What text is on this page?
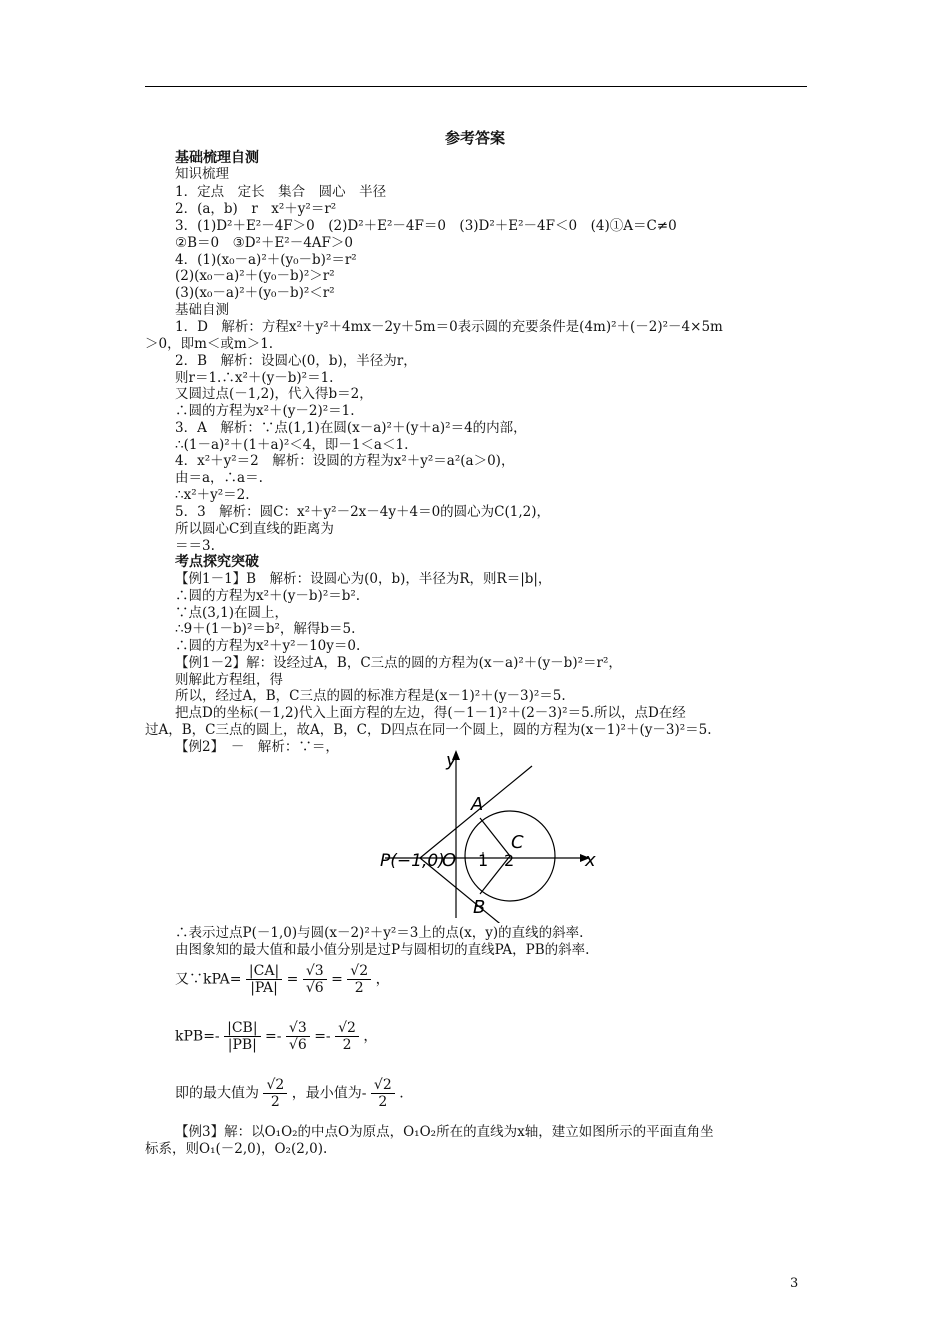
参考答案
基础梳理自测
知识梳理
1．定点　定长　集合　圆心　半径
2．(a，b)　r　x²＋y²＝r²
3．(1)D²＋E²－4F＞0　(2)D²＋E²－4F＝0　(3)D²＋E²－4F＜0　(4)①A＝C≠0
②B＝0　③D²＋E²－4AF＞0
4．(1)(x₀－a)²＋(y₀－b)²＝r²
(2)(x₀－a)²＋(y₀－b)²＞r²
(3)(x₀－a)²＋(y₀－b)²＜r²
基础自测
1．D　解析：方程x²＋y²＋4mx－2y＋5m＝0表示圆的充要条件是(4m)²＋(－2)²－4×5m
＞0，即m＜或m＞1.
2．B　解析：设圆心(0，b)，半径为r，
则r＝1.∴x²＋(y－b)²＝1.
又圆过点(－1,2)，代入得b＝2，
∴圆的方程为x²＋(y－2)²＝1.
3．A　解析：∵点(1,1)在圆(x－a)²＋(y＋a)²＝4的内部，
∴(1－a)²＋(1＋a)²＜4，即－1＜a＜1.
4．x²＋y²＝2　解析：设圆的方程为x²＋y²＝a²(a＞0)，
由＝a，∴a＝.
∴x²＋y²＝2.
5．3　解析：圆C：x²＋y²－2x－4y＋4＝0的圆心为C(1,2)，
所以圆心C到直线的距离为
＝＝3.
考点探究突破
【例1－1】B　解析：设圆心为(0，b)，半径为R，则R＝|b|，
∴圆的方程为x²＋(y－b)²＝b².
∵点(3,1)在圆上，
∴9＋(1－b)²＝b²，解得b＝5.
∴圆的方程为x²＋y²－10y＝0.
【例1－2】解：设经过A，B，C三点的圆的方程为(x－a)²＋(y－b)²＝r²，
则解此方程组，得
所以，经过A，B，C三点的圆的标准方程是(x－1)²＋(y－3)²＝5.
把点D的坐标(－1,2)代入上面方程的左边，得(－1－1)²＋(2－3)²＝5.所以，点D在经
过A，B，C三点的圆上，故A，B，C，D四点在同一个圆上，圆的方程为(x－1)²＋(y－3)²＝5.
【例2】　－　解析：∵＝，
∴表示过点P(－1,0)与圆(x－2)²＋y²＝3上的点(x，y)的直线的斜率.
由图象知的最大值和最小值分别是过P与圆相切的直线PA，PB的斜率.
【例3】解：以O₁O₂的中点O为原点，O₁O₂所在的直线为x轴，建立如图所示的平面直角坐
标系，则O₁(－2,0)，O₂(2,0).
y
x
A
B
C
O
P(−1,0) 1 2
又∵kPA= $\frac{|CA|}{|PA|} = \frac{√3}{√6} = \frac{√2}{2}$ ，
$kPB=- \frac{|CB|}{|PB|} =- \frac{√3}{√6} =- \frac{√2}{2}$ ，
即的最大值为 $\frac{√2}{2}$ ，最小值为- $\frac{√2}{2}$ .
3
